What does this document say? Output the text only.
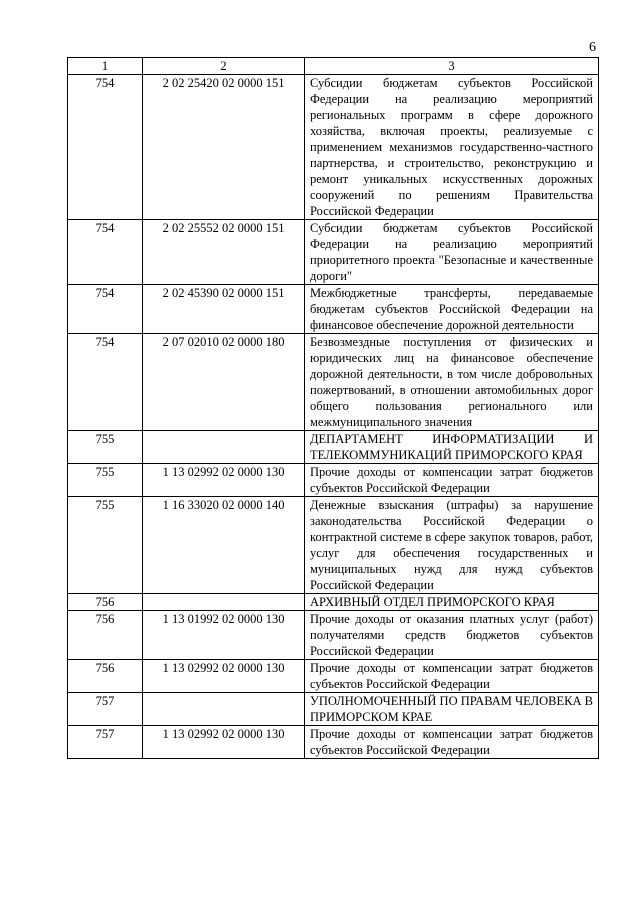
6
1	2	3
754	2 02 25420 02 0000 151	Субсидии бюджетам субъектов Российской Федерации на реализацию мероприятий региональных программ в сфере дорожного хозяйства, включая проекты, реализуемые с применением механизмов государственно-частного партнерства, и строительство, реконструкцию и ремонт уникальных искусственных дорожных сооружений по решениям Правительства Российской Федерации
754	2 02 25552 02 0000 151	Субсидии бюджетам субъектов Российской Федерации на реализацию мероприятий приоритетного проекта "Безопасные и качественные дороги"
754	2 02 45390 02 0000 151	Межбюджетные трансферты, передаваемые бюджетам субъектов Российской Федерации на финансовое обеспечение дорожной деятельности
754	2 07 02010 02 0000 180	Безвозмездные поступления от физических и юридических лиц на финансовое обеспечение дорожной деятельности, в том числе добровольных пожертвований, в отношении автомобильных дорог общего пользования регионального или межмуниципального значения
755		ДЕПАРТАМЕНТ ИНФОРМАТИЗАЦИИ И ТЕЛЕКОММУНИКАЦИЙ ПРИМОРСКОГО КРАЯ
755	1 13 02992 02 0000 130	Прочие доходы от компенсации затрат бюджетов субъектов Российской Федерации
755	1 16 33020 02 0000 140	Денежные взыскания (штрафы) за нарушение законодательства Российской Федерации о контрактной системе в сфере закупок товаров, работ, услуг для обеспечения государственных и муниципальных нужд для нужд субъектов Российской Федерации
756		АРХИВНЫЙ ОТДЕЛ ПРИМОРСКОГО КРАЯ
756	1 13 01992 02 0000 130	Прочие доходы от оказания платных услуг (работ) получателями средств бюджетов субъектов Российской Федерации
756	1 13 02992 02 0000 130	Прочие доходы от компенсации затрат бюджетов субъектов Российской Федерации
757		УПОЛНОМОЧЕННЫЙ ПО ПРАВАМ ЧЕЛОВЕКА В ПРИМОРСКОМ КРАЕ
757	1 13 02992 02 0000 130	Прочие доходы от компенсации затрат бюджетов субъектов Российской Федерации
